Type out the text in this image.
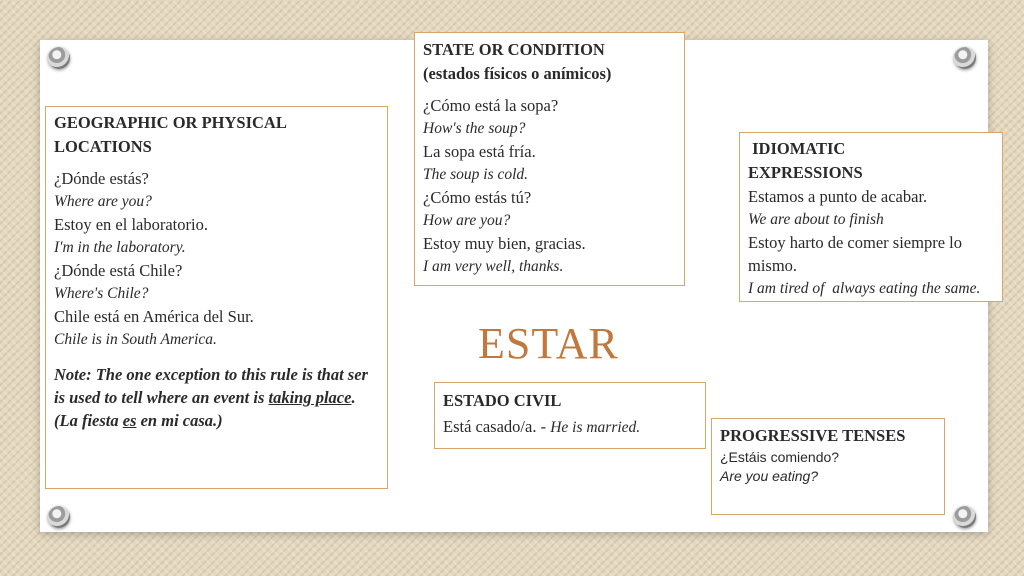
GEOGRAPHIC OR PHYSICAL LOCATIONS
¿Dónde estás?
Where are you?
Estoy en el laboratorio.
I'm in the laboratory.
¿Dónde está Chile?
Where's Chile?
Chile está en América del Sur.
Chile is in South America.
Note: The one exception to this rule is that ser is used to tell where an event is taking place. (La fiesta es en mi casa.)
STATE OR CONDITION
(estados físicos o anímicos)
¿Cómo está la sopa?
How's the soup?
La sopa está fría.
The soup is cold.
¿Cómo estás tú?
How are you?
Estoy muy bien, gracias.
I am very well, thanks.
IDIOMATIC EXPRESSIONS
Estamos a punto de acabar.
We are about to finish
Estoy harto de comer siempre lo mismo.
I am tired of  always eating the same.
ESTAR
ESTADO CIVIL
Está casado/a. - He is married.	PROGRESSIVE TENSES
¿Estáis comiendo?
Are you eating?
